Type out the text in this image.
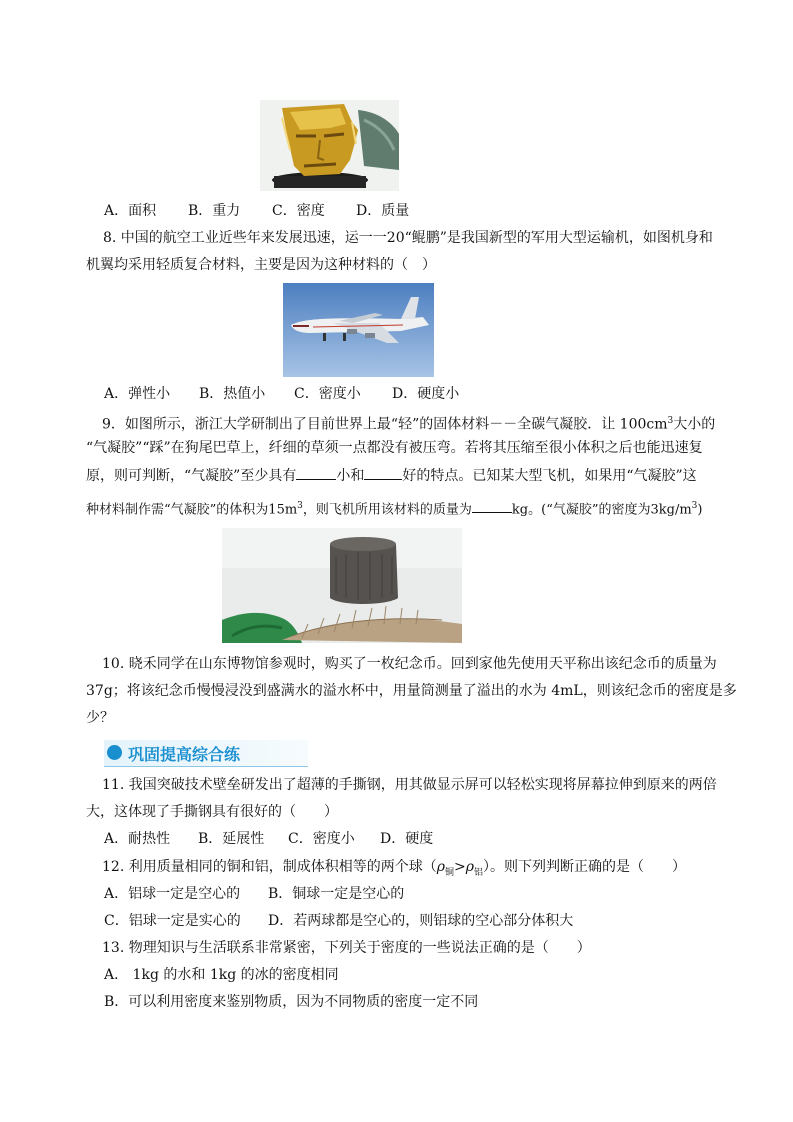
A．面积 B．重力 C．密度 D．质量
8. 中国的航空工业近些年来发展迅速，运一一20“鲲鹏”是我国新型的军用大型运输机，如图机身和
机翼均采用轻质复合材料，主要是因为这种材料的（　）
A．弹性小 B．热值小 C．密度小 D．硬度小
9．如图所示，浙江大学研制出了目前世界上最“轻”的固体材料－－全碳气凝胶．让 $100cm^3$大小的
“气凝胶”“踩”在狗尾巴草上，纤细的草须一点都没有被压弯。若将其压缩至很小体积之后也能迅速复
原，则可判断，“气凝胶”至少具有	小和	好的特点。已知某大型飞机，如果用“气凝胶”这
种材料制作需“气凝胶”的体积为$15m^3$，则飞机所用该材料的质量为	kg。(“气凝胶”的密度为$3kg/m^3$)
10. 晓禾同学在山东博物馆参观时，购买了一枚纪念币。回到家他先使用天平称出该纪念币的质量为
37g；将该纪念币慢慢浸没到盛满水的溢水杯中，用量筒测量了溢出的水为 4mL，则该纪念币的密度是多
少？
巩固提高综合练
11. 我国突破技术壁垒研发出了超薄的手撕钢，用其做显示屏可以轻松实现将屏幕拉伸到原来的两倍
大，这体现了手撕钢具有很好的（　　）
A．耐热性 B．延展性 C．密度小 D．硬度
12. 利用质量相同的铜和铝，制成体积相等的两个球$(\rho_铜>\rho_铝)$。则下列判断正确的是（　　）
A．铝球一定是空心的 B．铜球一定是空心的
C．铝球一定是实心的 D．若两球都是空心的，则铝球的空心部分体积大
13. 物理知识与生活联系非常紧密，下列关于密度的一些说法正确的是（　　）
A． 1kg 的水和 1kg 的冰的密度相同
B．可以利用密度来鉴别物质，因为不同物质的密度一定不同
